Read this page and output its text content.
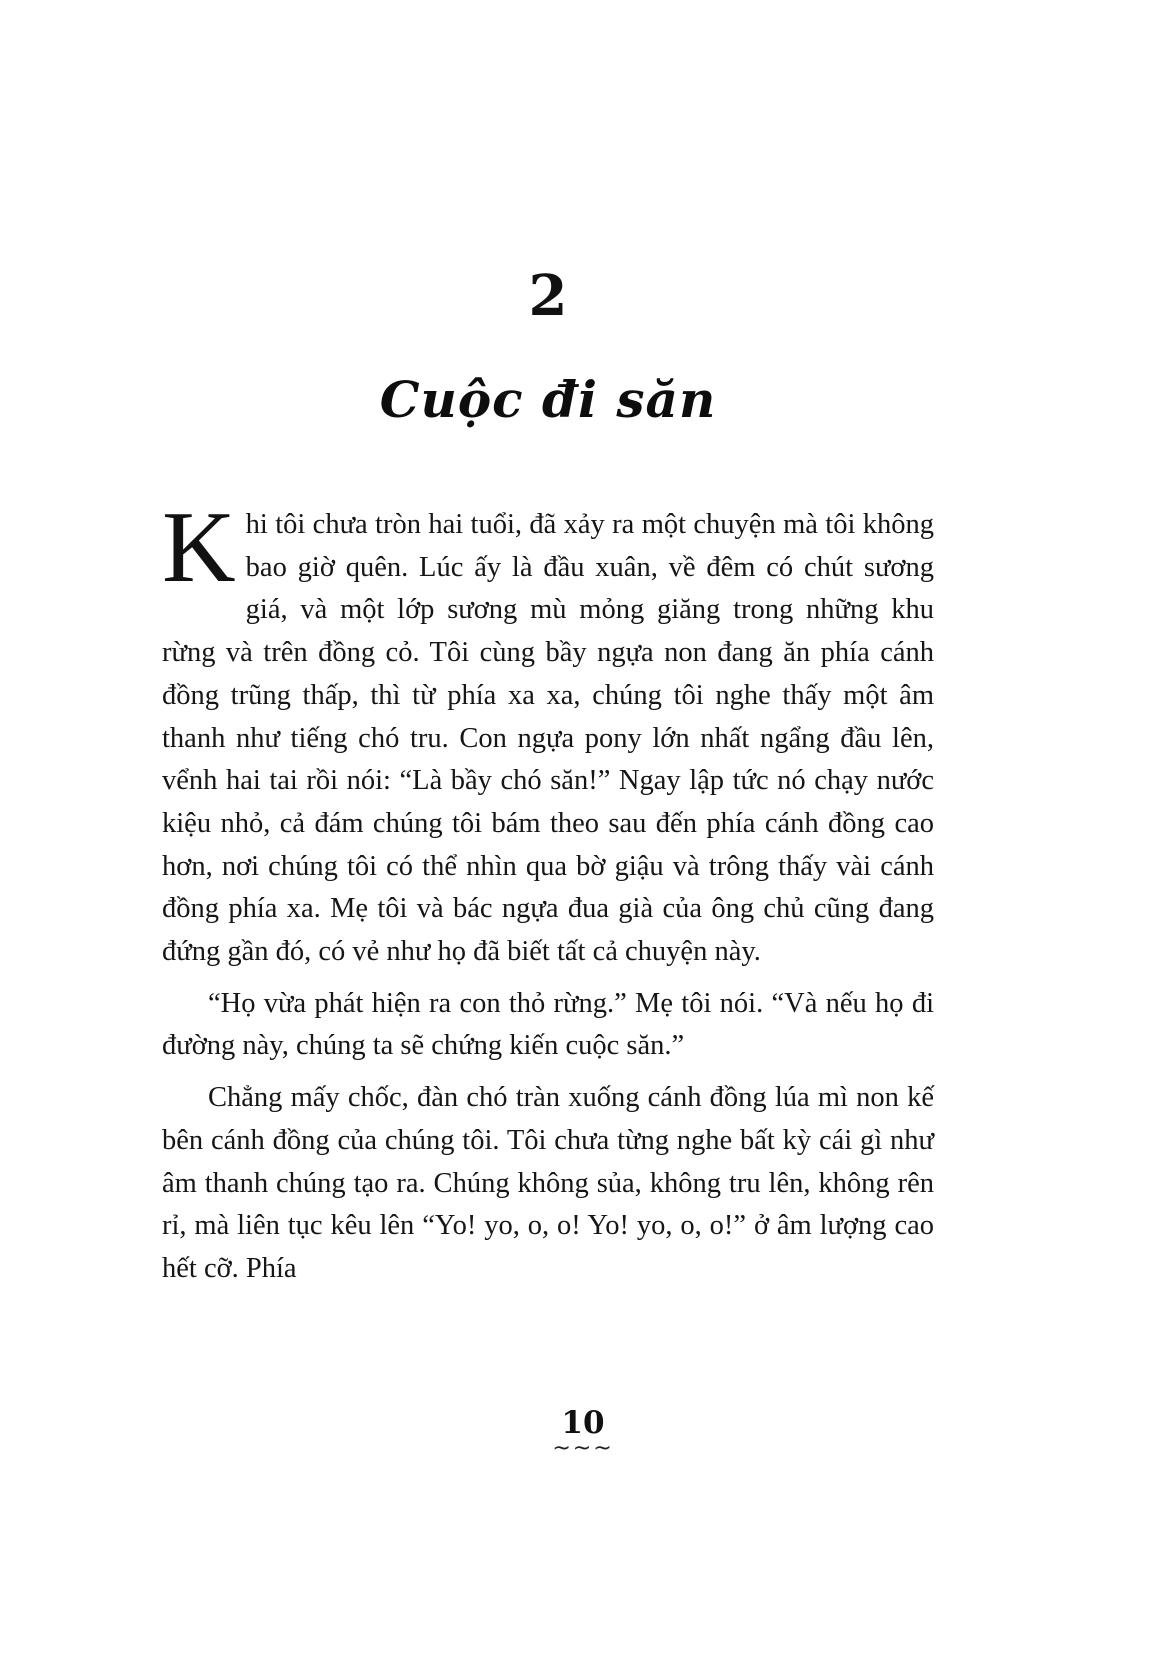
2
Cuộc đi săn

Khi tôi chưa tròn hai tuổi, đã xảy ra một chuyện mà tôi không bao giờ quên. Lúc ấy là đầu xuân, về đêm có chút sương giá, và một lớp sương mù mỏng giăng trong những khu rừng và trên đồng cỏ. Tôi cùng bầy ngựa non đang ăn phía cánh đồng trũng thấp, thì từ phía xa xa, chúng tôi nghe thấy một âm thanh như tiếng chó tru. Con ngựa pony lớn nhất ngẩng đầu lên, vểnh hai tai rồi nói: “Là bầy chó săn!” Ngay lập tức nó chạy nước kiệu nhỏ, cả đám chúng tôi bám theo sau đến phía cánh đồng cao hơn, nơi chúng tôi có thể nhìn qua bờ giậu và trông thấy vài cánh đồng phía xa. Mẹ tôi và bác ngựa đua già của ông chủ cũng đang đứng gần đó, có vẻ như họ đã biết tất cả chuyện này.

“Họ vừa phát hiện ra con thỏ rừng.” Mẹ tôi nói. “Và nếu họ đi đường này, chúng ta sẽ chứng kiến cuộc săn.”

Chẳng mấy chốc, đàn chó tràn xuống cánh đồng lúa mì non kế bên cánh đồng của chúng tôi. Tôi chưa từng nghe bất kỳ cái gì như âm thanh chúng tạo ra. Chúng không sủa, không tru lên, không rên rỉ, mà liên tục kêu lên “Yo! yo, o, o! Yo! yo, o, o!” ở âm lượng cao hết cỡ. Phía

10
~~~
